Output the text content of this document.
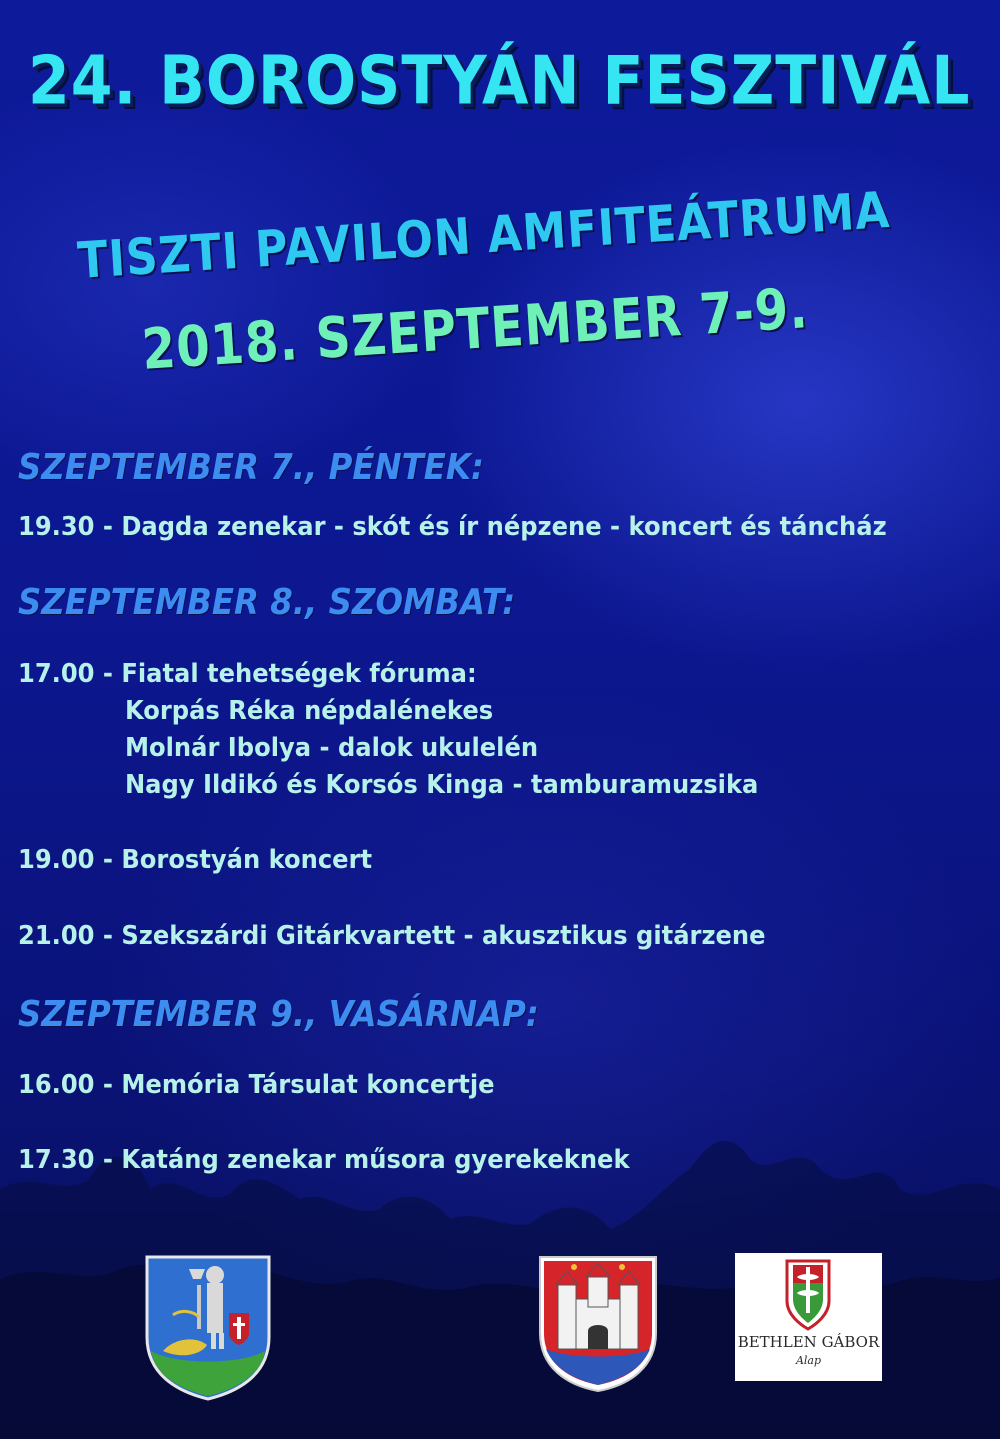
24. BOROSTYÁN FESZTIVÁL
TISZTI PAVILON AMFITEÁTRUMA
2018. SZEPTEMBER 7-9.
SZEPTEMBER 7., PÉNTEK:
19.30 - Dagda zenekar - skót és ír népzene - koncert és táncház
SZEPTEMBER 8., SZOMBAT:
17.00 - Fiatal tehetségek fóruma:
Korpás Réka népdalénekes
Molnár Ibolya - dalok ukulelén
Nagy Ildikó és Korsós Kinga - tamburamuzsika
19.00 - Borostyán koncert
21.00 - Szekszárdi Gitárkvartett - akusztikus gitárzene
SZEPTEMBER 9., VASÁRNAP:
16.00 - Memória Társulat koncertje
17.30 - Katáng zenekar műsora gyerekeknek
BETHLEN GÁBOR
Alap
